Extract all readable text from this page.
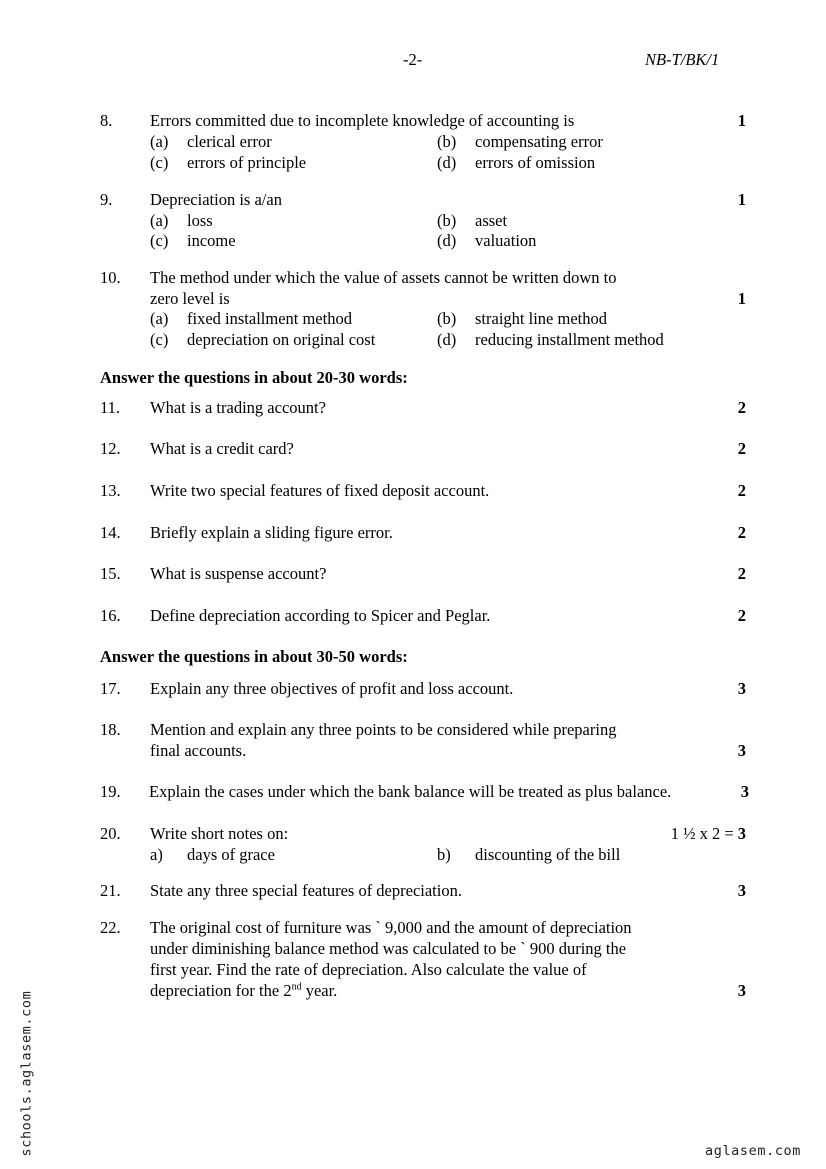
-2-	NB-T/BK/1
8. Errors committed due to incomplete knowledge of accounting is	1
(a) clerical error	(b) compensating error
(c) errors of principle	(d) errors of omission
9. Depreciation is a/an	1
(a) loss	(b) asset
(c) income	(d) valuation
10. The method under which the value of assets cannot be written down to
zero level is	1
(a) fixed installment method	(b) straight line method
(c) depreciation on original cost	(d) reducing installment method
Answer the questions in about 20-30 words:
11. What is a trading account?	2
12. What is a credit card?	2
13. Write two special features of fixed deposit account.	2
14. Briefly explain a sliding figure error.	2
15. What is suspense account?	2
16. Define depreciation according to Spicer and Peglar.	2
Answer the questions in about 30-50 words:
17. Explain any three objectives of profit and loss account.	3
18. Mention and explain any three points to be considered while preparing
final accounts.	3
19. Explain the cases under which the bank balance will be treated as plus balance.	3
20. Write short notes on:	1 ½ x 2 = 3
a) days of grace	b) discounting of the bill
21. State any three special features of depreciation.	3
22. The original cost of furniture was ` 9,000 and the amount of depreciation
under diminishing balance method was calculated to be ` 900 during the
first year. Find the rate of depreciation. Also calculate the value of
depreciation for the 2nd year.	3
schools.aglasem.com	aglasem.com
